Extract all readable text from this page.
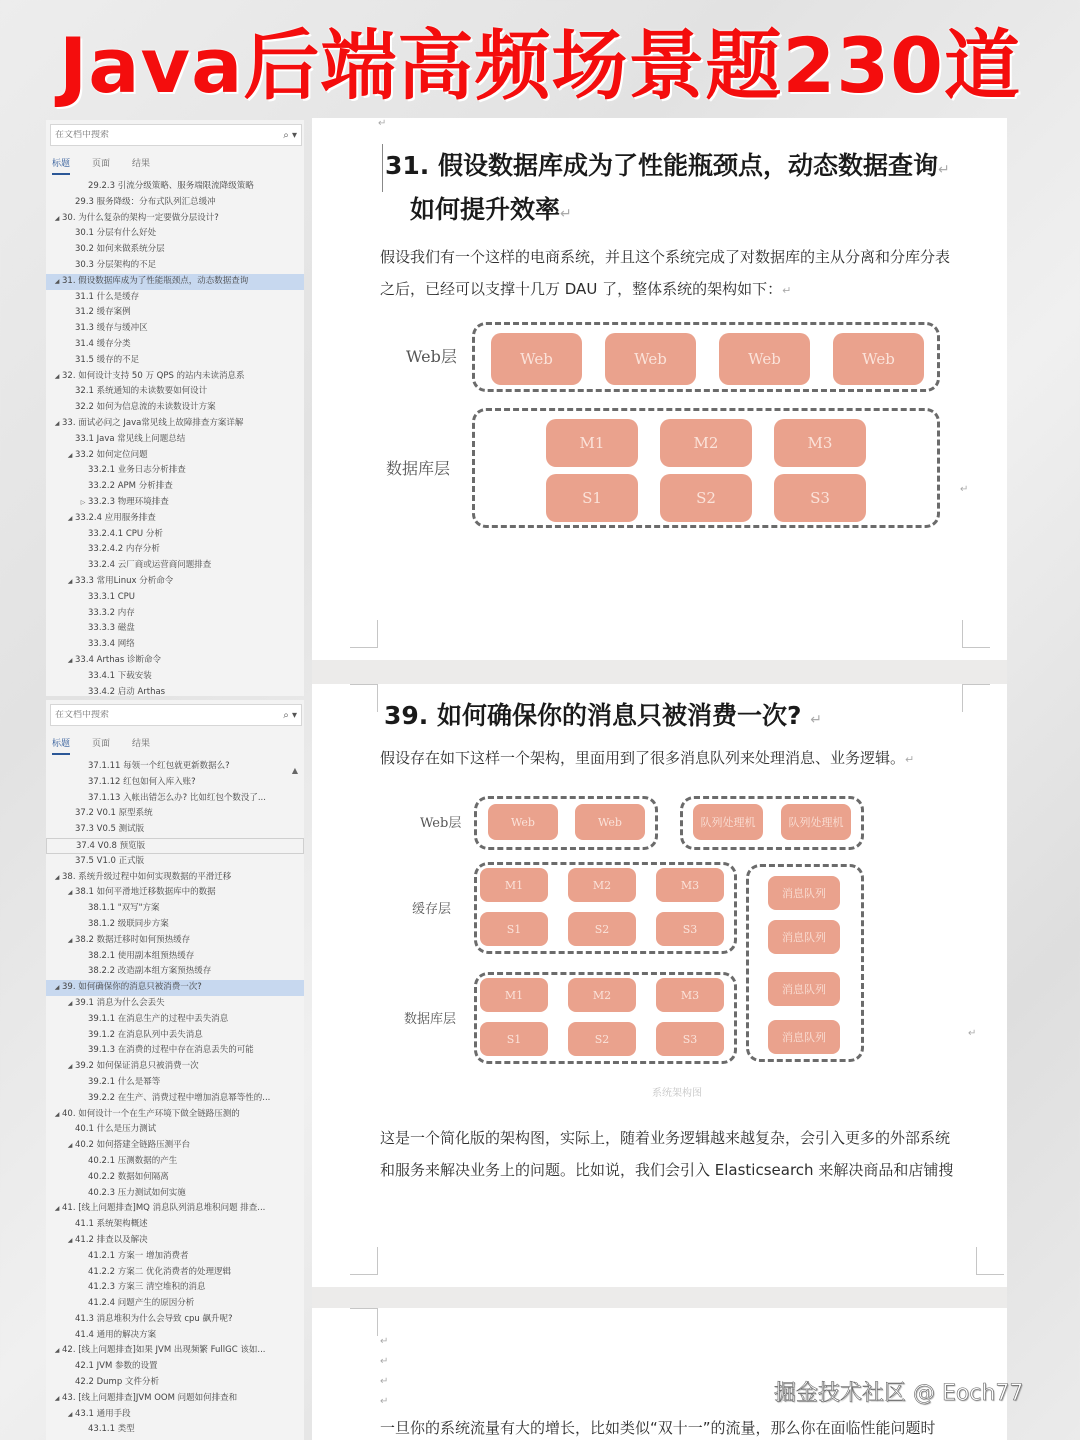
Java后端高频场景题230道
在文档中搜索
⌕ ▾
标题 页面 结果
29.2.3 引流分级策略、服务端限流降级策略
29.3 服务降级：分布式队列汇总缓冲
◢ 30. 为什么复杂的架构一定要做分层设计?
30.1 分层有什么好处
30.2 如何来做系统分层
30.3 分层架构的不足
◢ 31. 假设数据库成为了性能瓶颈点，动态数据查询
31.1 什么是缓存
31.2 缓存案例
31.3 缓存与缓冲区
31.4 缓存分类
31.5 缓存的不足
◢ 32. 如何设计支持 50 万 QPS 的站内未读消息系
32.1 系统通知的未读数要如何设计
32.2 如何为信息流的未读数设计方案
◢ 33. 面试必问之 Java常见线上故障排查方案详解
33.1 Java 常见线上问题总结
◢ 33.2 如何定位问题
33.2.1 业务日志分析排查
33.2.2 APM 分析排查
▷ 33.2.3 物理环境排查
◢ 33.2.4 应用服务排查
33.2.4.1 CPU 分析
33.2.4.2 内存分析
33.2.4 云厂商或运营商问题排查
◢ 33.3 常用Linux 分析命令
33.3.1 CPU
33.3.2 内存
33.3.3 磁盘
33.3.4 网络
◢ 33.4 Arthas 诊断命令
33.4.1 下载安装
33.4.2 启动 Arthas
在文档中搜索
⌕ ▾
标题 页面 结果
▲
37.1.11 每领一个红包就更新数据么?
37.1.12 红包如何入库入账?
37.1.13 入帐出错怎么办? 比如红包个数没了...
37.2 V0.1 原型系统
37.3 V0.5 测试版
37.4 V0.8 预览版
37.5 V1.0 正式版
◢ 38. 系统升级过程中如何实现数据的平滑迁移
◢ 38.1 如何平滑地迁移数据库中的数据
38.1.1 "双写"方案
38.1.2 级联同步方案
◢ 38.2 数据迁移时如何预热缓存
38.2.1 使用副本组预热缓存
38.2.2 改造副本组方案预热缓存
◢ 39. 如何确保你的消息只被消费一次?
◢ 39.1 消息为什么会丢失
39.1.1 在消息生产的过程中丢失消息
39.1.2 在消息队列中丢失消息
39.1.3 在消费的过程中存在消息丢失的可能
◢ 39.2 如何保证消息只被消费一次
39.2.1 什么是幂等
39.2.2 在生产、消费过程中增加消息幂等性的...
◢ 40. 如何设计一个在生产环境下做全链路压测的
40.1 什么是压力测试
◢ 40.2 如何搭建全链路压测平台
40.2.1 压测数据的产生
40.2.2 数据如何隔离
40.2.3 压力测试如何实施
◢ 41. [线上问题排查]MQ 消息队列消息堆积问题 排查...
41.1 系统架构概述
◢ 41.2 排查以及解决
41.2.1 方案一 增加消费者
41.2.2 方案二 优化消费者的处理逻辑
41.2.3 方案三 清空堆积的消息
41.2.4 问题产生的原因分析
41.3 消息堆积为什么会导致 cpu 飙升呢?
41.4 通用的解决方案
◢ 42. [线上问题排查]如果 JVM 出现频繁 FullGC 该如...
42.1 JVM 参数的设置
42.2 Dump 文件分析
◢ 43. [线上问题排查]JVM OOM 问题如何排查和
◢ 43.1 通用手段
43.1.1 类型
↵
31. 假设数据库成为了性能瓶颈点，动态数据查询↵
如何提升效率↵
假设我们有一个这样的电商系统，并且这个系统完成了对数据库的主从分离和分库分表
之后，已经可以支撑十几万 DAU 了，整体系统的架构如下：↵
Web层
数据库层
Web	Web	Web	Web
M1	M2	M3
S1	S2	S3	↵
39. 如何确保你的消息只被消费一次? ↵
假设存在如下这样一个架构，里面用到了很多消息队列来处理消息、业务逻辑。↵
Web层
缓存层
数据库层
Web	Web	队列处理机	队列处理机
M1	M2	M3
S1	S2	S3
M1	M2	M3
S1	S2	S3
消息队列
消息队列
消息队列
消息队列
系统架构图
↵
这是一个简化版的架构图，实际上，随着业务逻辑越来越复杂，会引入更多的外部系统
和服务来解决业务上的问题。比如说，我们会引入 Elasticsearch 来解决商品和店铺搜
↵
↵
↵
↵
一旦你的系统流量有大的增长，比如类似“双十一”的流量，那么你在面临性能问题时
掘金技术社区 @ Eoch77
